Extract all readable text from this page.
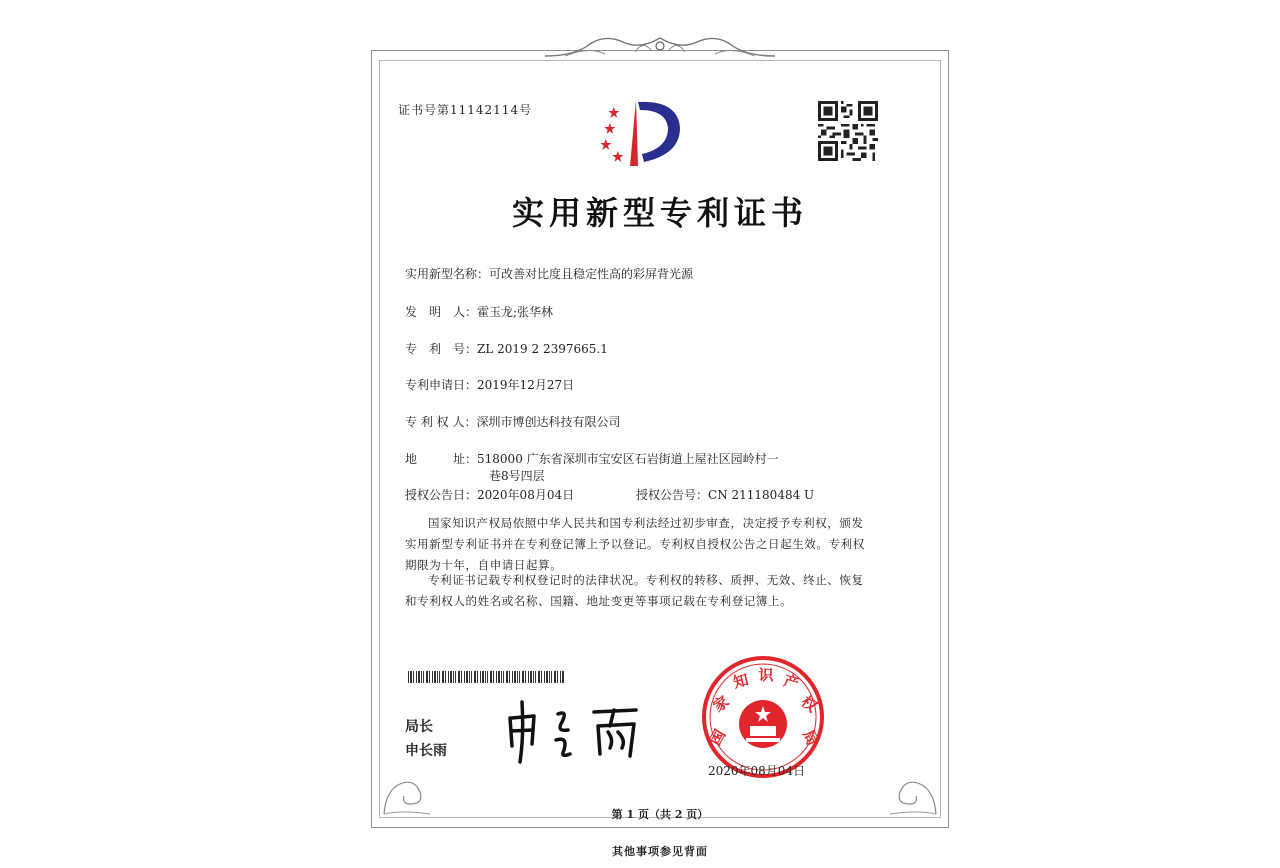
证书号第11142114号
实用新型专利证书
实用新型名称：可改善对比度且稳定性高的彩屏背光源
发　明　人：霍玉龙;张华林
专　利　号：ZL 2019 2 2397665.1
专利申请日：2019年12月27日
专 利 权 人：深圳市博创达科技有限公司
地　　　址：518000 广东省深圳市宝安区石岩街道上屋社区园岭村一
巷8号四层
授权公告日：2020年08月04日	授权公告号：CN 211180484 U
国家知识产权局依照中华人民共和国专利法经过初步审查，决定授予专利权，颁发实用新型专利证书并在专利登记簿上予以登记。专利权自授权公告之日起生效。专利权期限为十年，自申请日起算。
专利证书记载专利权登记时的法律状况。专利权的转移、质押、无效、终止、恢复和专利权人的姓名或名称、国籍、地址变更等事项记载在专利登记簿上。
局长
申长雨
国
家
知 识 产
权
局
2020年08月04日
第 1 页（共 2 页）
其他事项参见背面
